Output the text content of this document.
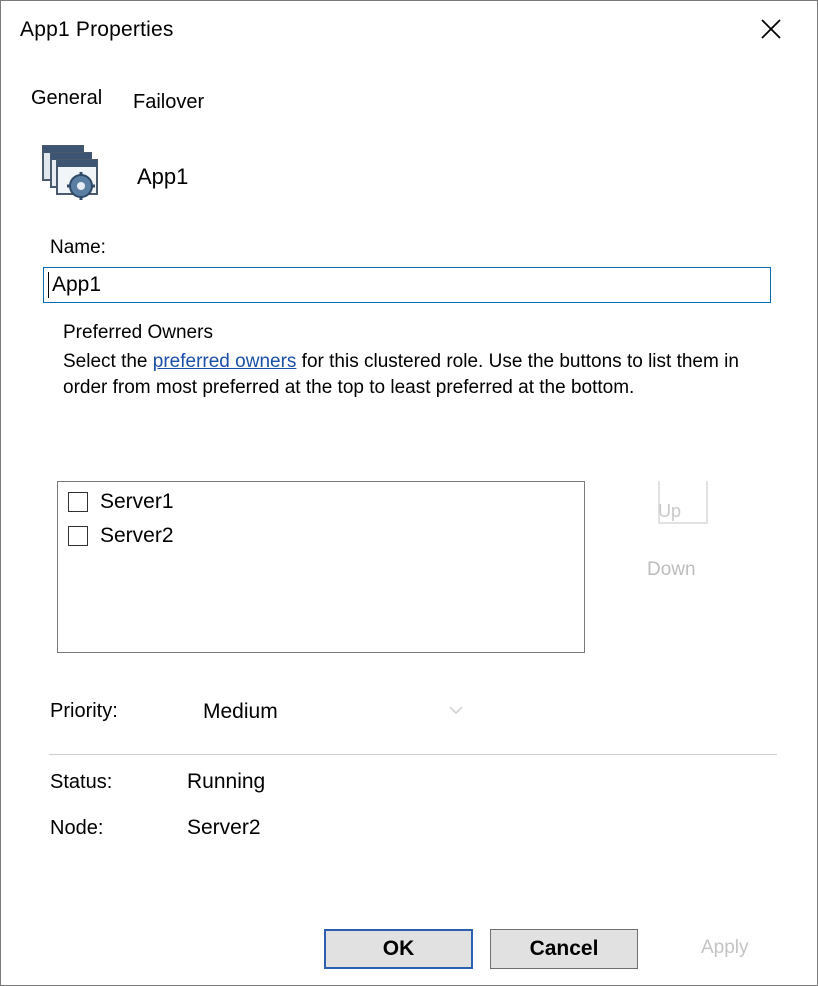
App1 Properties
General Failover
App1
Name:
App1
Preferred Owners
Select the preferred owners for this clustered role. Use the buttons to list them in order from most preferred at the top to least preferred at the bottom.
Server1
Server2
Up
Down
Priority:	Medium
Status:	Running
Node:	Server2
OK	Cancel	Apply
